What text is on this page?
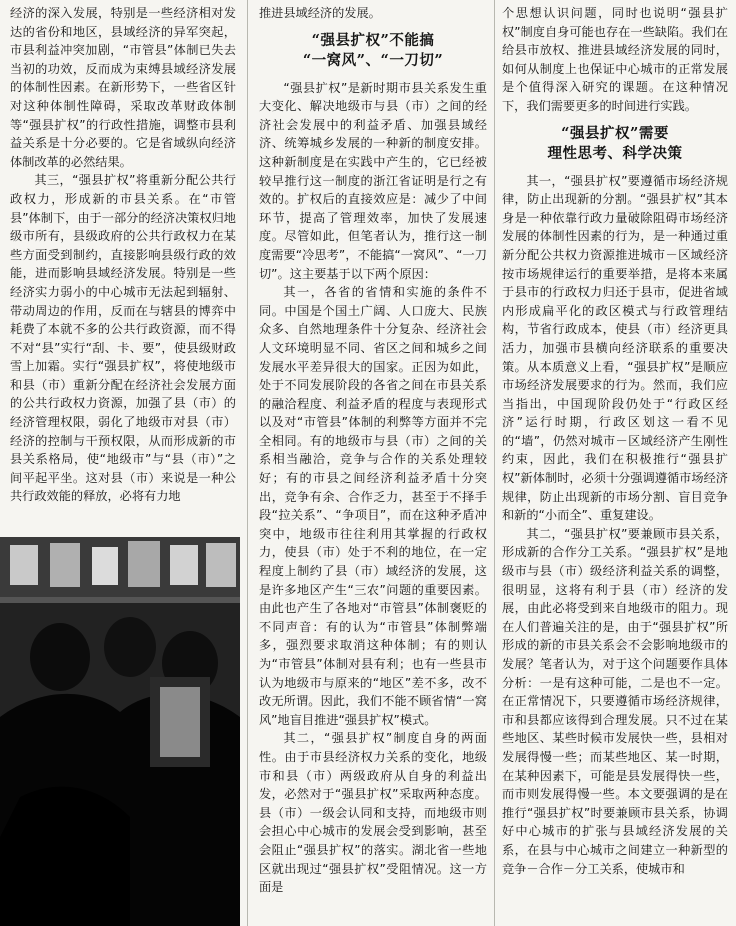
经济的深入发展，特别是一些经济相对发达的省份和地区，县域经济的异军突起，市县利益冲突加剧，“市管县”体制已失去当初的功效，反而成为束缚县域经济发展的体制性因素。在新形势下，一些省区针对这种体制性障碍，采取改革财政体制等“强县扩权”的行政性措施，调整市县利益关系是十分必要的。它是省域纵向经济体制改革的必然结果。

其三，“强县扩权”将重新分配公共行政权力，形成新的市县关系。在“市管县”体制下，由于一部分的经济决策权归地级市所有，县级政府的公共行政权力在某些方面受到制约，直接影响县级行政的效能，进而影响县域经济发展。特别是一些经济实力弱小的中心城市无法起到辐射、带动周边的作用，反而在与辖县的博弈中耗费了本就不多的公共行政资源，而不得不对“县”实行“刮、卡、要”，使县级财政雪上加霜。实行“强县扩权”，将使地级市和县（市）重新分配在经济社会发展方面的公共行政权力资源，加强了县（市）的经济管理权限，弱化了地级市对县（市）经济的控制与干预权限，从而形成新的市县关系格局，使“地级市”与“县（市）”之间平起平坐。这对县（市）来说是一种公共行政效能的释放，必将有力地

推进县域经济的发展。

“强县扩权”不能搞
“一窝风”、“一刀切”

“强县扩权”是新时期市县关系发生重大变化、解决地级市与县（市）之间的经济社会发展中的利益矛盾、加强县域经济、统筹城乡发展的一种新的制度安排。这种新制度是在实践中产生的，它已经被较早推行这一制度的浙江省证明是行之有效的。扩权后的直接效应是：减少了中间环节，提高了管理效率，加快了发展速度。尽管如此，但笔者认为，推行这一制度需要“冷思考”，不能搞“一窝风”、“一刀切”。这主要基于以下两个原因：

其一，各省的省情和实施的条件不同。中国是个国土广阔、人口庞大、民族众多、自然地理条件十分复杂、经济社会人文环境明显不同、省区之间和城乡之间发展水平差异很大的国家。正因为如此，处于不同发展阶段的各省之间在市县关系的融洽程度、利益矛盾的程度与表现形式以及对“市管县”体制的利弊等方面并不完全相同。有的地级市与县（市）之间的关系相当融洽，竞争与合作的关系处理较好；有的市县之间经济利益矛盾十分突出，竞争有余、合作乏力，甚至于不择手段“拉关系”、“争项目”，而在这种矛盾冲突中，地级市往往利用其掌握的行政权力，使县（市）处于不利的地位，在一定程度上制约了县（市）域经济的发展，这是许多地区产生“三农”问题的重要因素。由此也产生了各地对“市管县”体制褒贬的不同声音：有的认为“市管县”体制弊端多，强烈要求取消这种体制；有的则认为“市管县”体制对县有利；也有一些县市认为地级市与原来的“地区”差不多，改不改无所谓。因此，我们不能不顾省情“一窝风”地盲目推进“强县扩权”模式。

其二，“强县扩权”制度自身的两面性。由于市县经济权力关系的变化，地级市和县（市）两级政府从自身的利益出发，必然对于“强县扩权”采取两种态度。县（市）一级会认同和支持，而地级市则会担心中心城市的发展会受到影响，甚至会阻止“强县扩权”的落实。湖北省一些地区就出现过“强县扩权”受阻情况。这一方面是

个思想认识问题，同时也说明“强县扩权”制度自身可能也存在一些缺陷。我们在给县市放权、推进县域经济发展的同时，如何从制度上也保证中心城市的正常发展是个值得深入研究的课题。在这种情况下，我们需要更多的时间进行实践。

“强县扩权”需要
理性思考、科学决策

其一，“强县扩权”要遵循市场经济规律，防止出现新的分割。“强县扩权”其本身是一种依靠行政力量破除阻碍市场经济发展的体制性因素的行为，是一种通过重新分配公共权力资源推进城市－区域经济按市场规律运行的重要举措，是将本来属于县市的行政权力归还于县市，促进省域内形成扁平化的政区模式与行政管理结构，节省行政成本，使县（市）经济更具活力，加强市县横向经济联系的重要决策。从本质意义上看，“强县扩权”是顺应市场经济发展要求的行为。然而，我们应当指出，中国现阶段仍处于“行政区经济”运行时期，行政区划这一看不见的“墙”，仍然对城市－区域经济产生刚性约束，因此，我们在积极推行“强县扩权”新体制时，必须十分强调遵循市场经济规律，防止出现新的市场分割、盲目竞争和新的“小而全”、重复建设。

其二，“强县扩权”要兼顾市县关系，形成新的合作分工关系。“强县扩权”是地级市与县（市）级经济利益关系的调整，很明显，这将有利于县（市）经济的发展，由此必将受到来自地级市的阻力。现在人们普遍关注的是，由于“强县扩权”所形成的新的市县关系会不会影响地级市的发展？笔者认为，对于这个问题要作具体分析：一是有这种可能，二是也不一定。在正常情况下，只要遵循市场经济规律，市和县都应该得到合理发展。只不过在某些地区、某些时候市发展快一些，县相对发展得慢一些；而某些地区、某一时期，在某种因素下，可能是县发展得快一些，而市则发展得慢一些。本文要强调的是在推行“强县扩权”时要兼顾市县关系，协调好中心城市的扩张与县域经济发展的关系，在县与中心城市之间建立一种新型的竞争－合作－分工关系，使城市和
